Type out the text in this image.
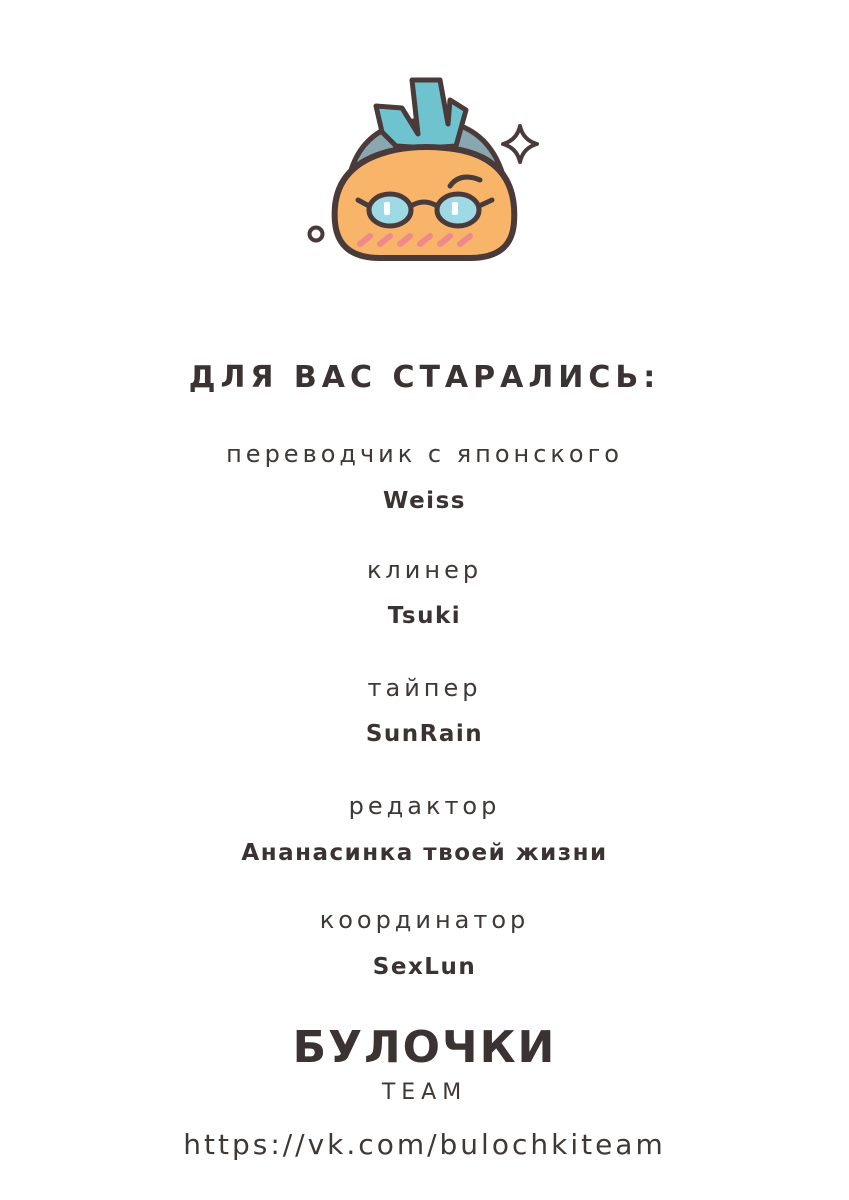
ДЛЯ ВАС СТАРАЛИСЬ:
переводчик с японского
Weiss
клинер
Tsuki
тайпер
SunRain
редактор
Ананасинка твоей жизни
координатор
SexLun
БУЛОЧКИ
TEAM
https://vk.com/bulochkiteam
